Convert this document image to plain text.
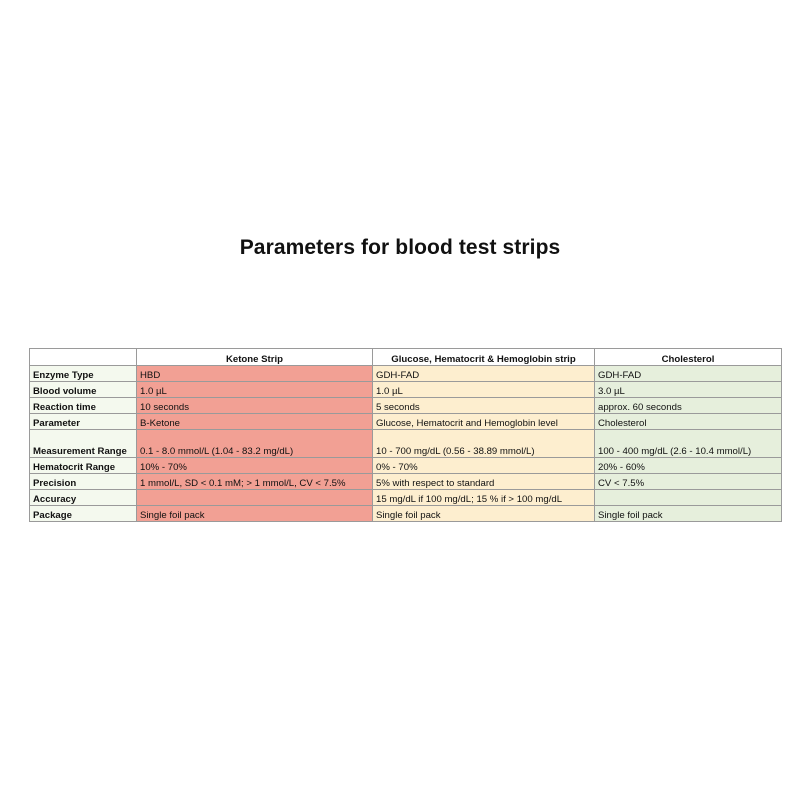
Parameters for blood test strips
	Ketone Strip	Glucose, Hematocrit & Hemoglobin strip	Cholesterol
Enzyme Type	HBD	GDH-FAD	GDH-FAD
Blood volume	1.0 µL	1.0 µL	3.0 µL
Reaction time	10 seconds	5 seconds	approx. 60 seconds
Parameter	B-Ketone	Glucose, Hematocrit and Hemoglobin level	Cholesterol
Measurement Range	0.1 - 8.0 mmol/L (1.04 - 83.2 mg/dL)	10 - 700 mg/dL (0.56 - 38.89 mmol/L)	100 - 400 mg/dL (2.6 - 10.4 mmol/L)
Hematocrit Range	10% - 70%	0% - 70%	20% - 60%
Precision	1 mmol/L, SD < 0.1 mM; > 1 mmol/L, CV < 7.5%	5% with respect to standard	CV < 7.5%
Accuracy		15 mg/dL if 100 mg/dL; 15 % if > 100 mg/dL	
Package	Single foil pack	Single foil pack	Single foil pack
